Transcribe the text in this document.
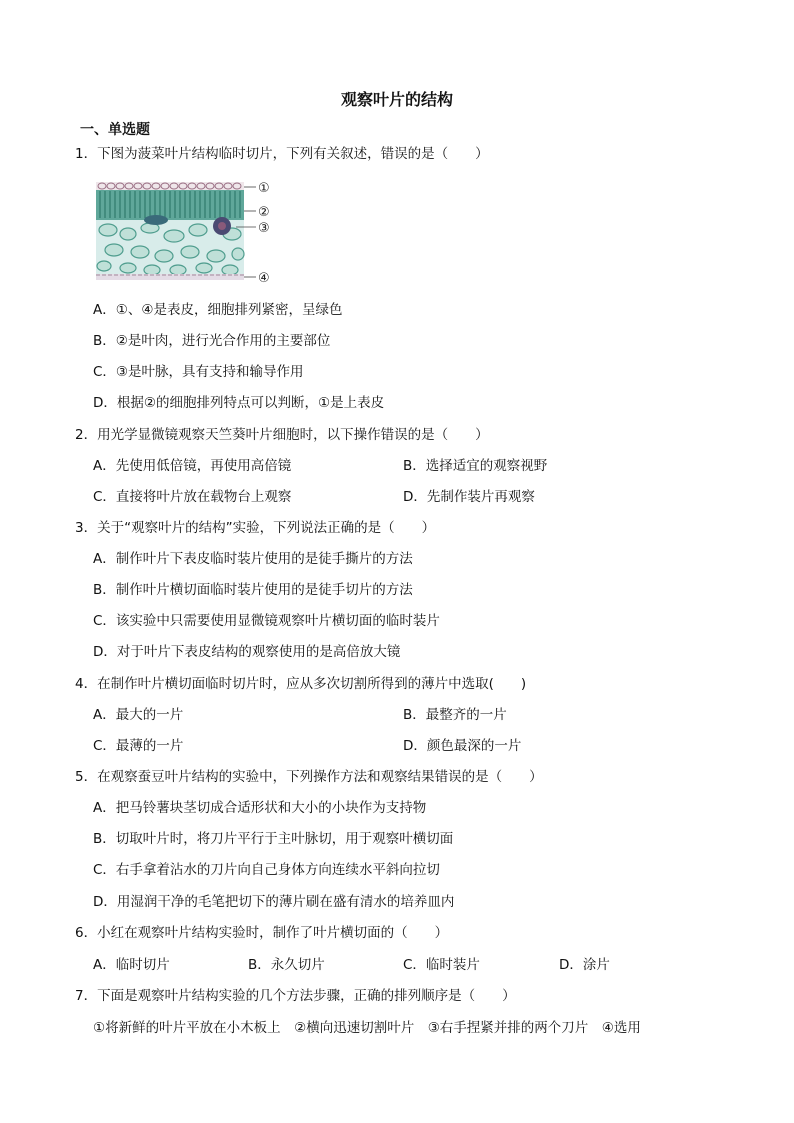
观察叶片的结构
一、单选题
1．下图为菠菜叶片结构临时切片，下列有关叙述，错误的是（　　）
①
②
③
④
A．①、④是表皮，细胞排列紧密，呈绿色
B．②是叶肉，进行光合作用的主要部位
C．③是叶脉，具有支持和输导作用
D．根据②的细胞排列特点可以判断，①是上表皮
2．用光学显微镜观察天竺葵叶片细胞时，以下操作错误的是（　　）
A．先使用低倍镜，再使用高倍镜	B．选择适宜的观察视野
C．直接将叶片放在载物台上观察	D．先制作装片再观察
3．关于“观察叶片的结构”实验，下列说法正确的是（　　）
A．制作叶片下表皮临时装片使用的是徒手撕片的方法
B．制作叶片横切面临时装片使用的是徒手切片的方法
C．该实验中只需要使用显微镜观察叶片横切面的临时装片
D．对于叶片下表皮结构的观察使用的是高倍放大镜
4．在制作叶片横切面临时切片时，应从多次切割所得到的薄片中选取(　　)
A．最大的一片	B．最整齐的一片
C．最薄的一片	D．颜色最深的一片
5．在观察蚕豆叶片结构的实验中，下列操作方法和观察结果错误的是（　　）
A．把马铃薯块茎切成合适形状和大小的小块作为支持物
B．切取叶片时，将刀片平行于主叶脉切，用于观察叶横切面
C．右手拿着沾水的刀片向自己身体方向连续水平斜向拉切
D．用湿润干净的毛笔把切下的薄片刷在盛有清水的培养皿内
6．小红在观察叶片结构实验时，制作了叶片横切面的（　　）
A．临时切片	B．永久切片	C．临时装片	D．涂片
7．下面是观察叶片结构实验的几个方法步骤，正确的排列顺序是（　　）
①将新鲜的叶片平放在小木板上　②横向迅速切割叶片　③右手捏紧并排的两个刀片　④选用
